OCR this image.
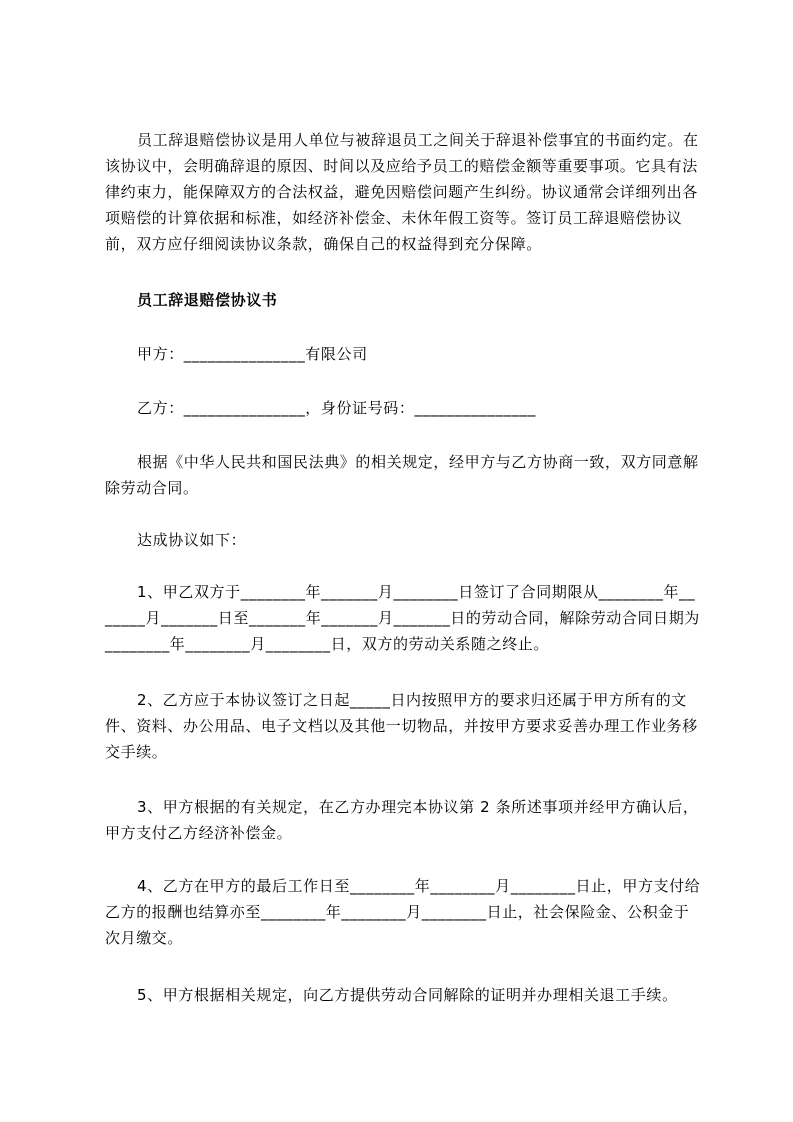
员工辞退赔偿协议是用人单位与被辞退员工之间关于辞退补偿事宜的书面约定。在该协议中，会明确辞退的原因、时间以及应给予员工的赔偿金额等重要事项。它具有法律约束力，能保障双方的合法权益，避免因赔偿问题产生纠纷。协议通常会详细列出各项赔偿的计算依据和标准，如经济补偿金、未休年假工资等。签订员工辞退赔偿协议前，双方应仔细阅读协议条款，确保自己的权益得到充分保障。

员工辞退赔偿协议书

甲方：_______________有限公司

乙方：_______________，身份证号码：_______________

根据《中华人民共和国民法典》的相关规定，经甲方与乙方协商一致，双方同意解除劳动合同。

达成协议如下：

1、甲乙双方于________年_______月________日签订了合同期限从________年_______月_______日至_______年_______月_______日的劳动合同，解除劳动合同日期为________年________月________日，双方的劳动关系随之终止。

2、乙方应于本协议签订之日起_____日内按照甲方的要求归还属于甲方所有的文件、资料、办公用品、电子文档以及其他一切物品，并按甲方要求妥善办理工作业务移交手续。

3、甲方根据的有关规定，在乙方办理完本协议第 2 条所述事项并经甲方确认后，甲方支付乙方经济补偿金。

4、乙方在甲方的最后工作日至________年________月________日止，甲方支付给乙方的报酬也结算亦至________年________月________日止，社会保险金、公积金于次月缴交。

5、甲方根据相关规定，向乙方提供劳动合同解除的证明并办理相关退工手续。
